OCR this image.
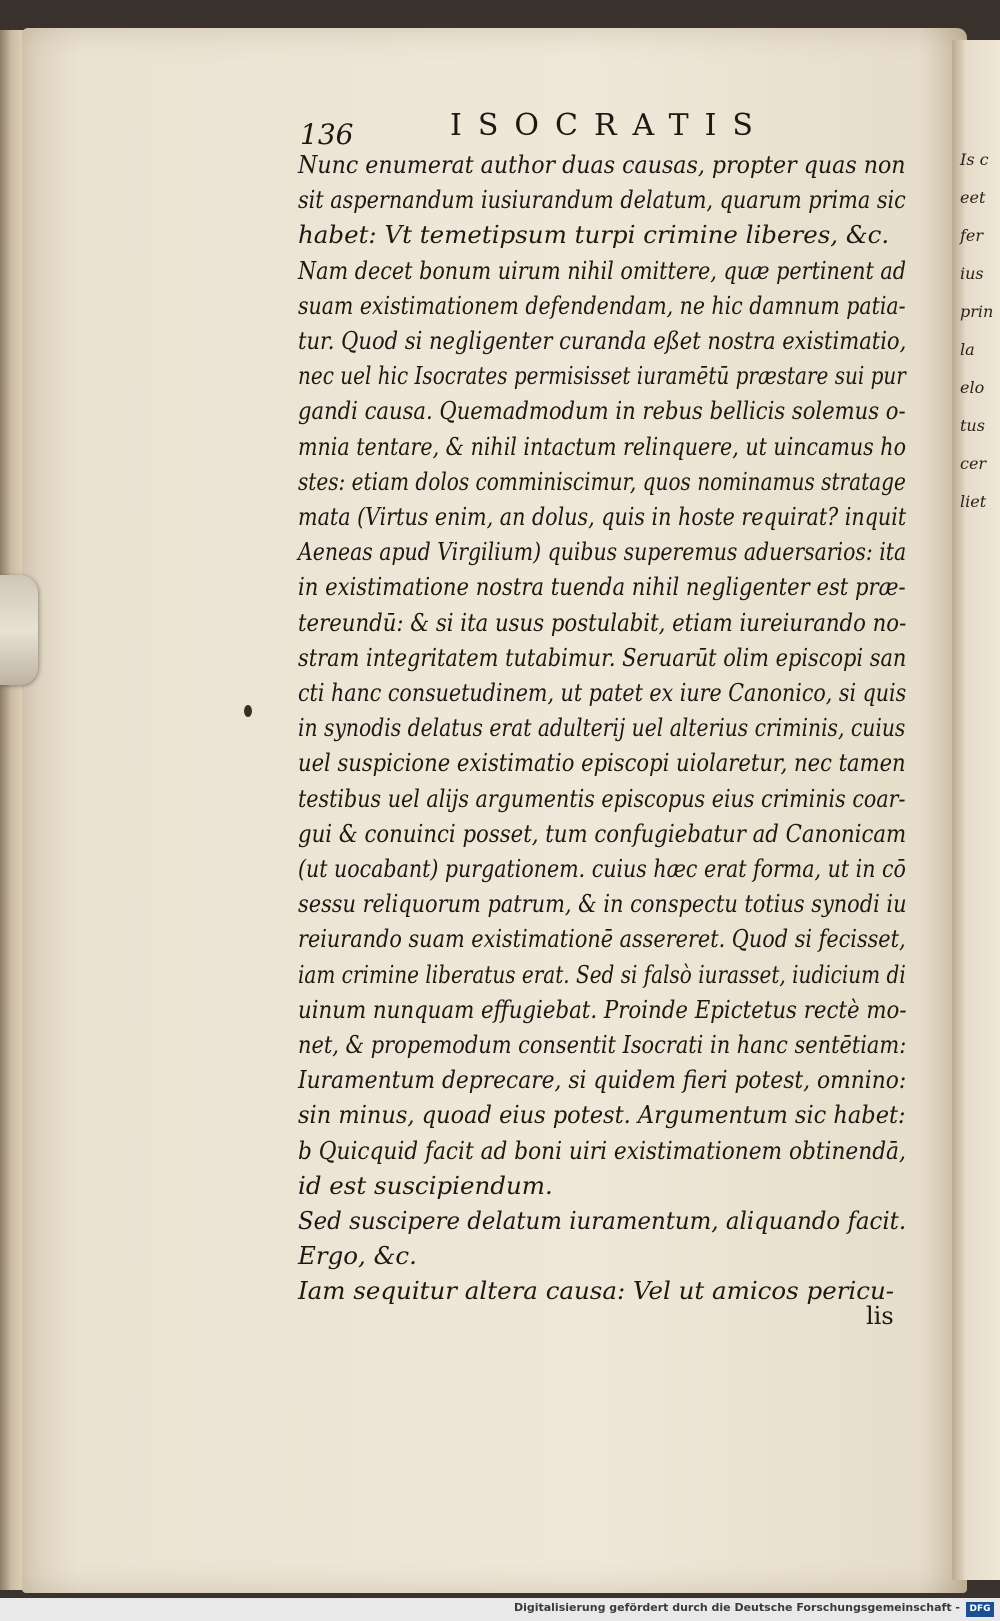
Is c
eet
fer
ius
prin
la
elo
tus
cer
liet
136	ISOCRATIS
Nunc enumerat author duas causas, propter quas non
sit aspernandum iusiurandum delatum, quarum prima sic
habet: Vt temetipsum turpi crimine liberes, &c.
Nam decet bonum uirum nihil omittere, quæ pertinent ad
suam existimationem defendendam, ne hic damnum patia-
tur. Quod si negligenter curanda eßet nostra existimatio,
nec uel hic Isocrates permisisset iuramētū præstare sui pur
gandi causa. Quemadmodum in rebus bellicis solemus o-
mnia tentare, & nihil intactum relinquere, ut uincamus ho
stes: etiam dolos comminiscimur, quos nominamus stratage
mata (Virtus enim, an dolus, quis in hoste requirat? inquit
Aeneas apud Virgilium) quibus superemus aduersarios: ita
in existimatione nostra tuenda nihil negligenter est præ-
tereundū: & si ita usus postulabit, etiam iureiurando no-
stram integritatem tutabimur. Seruarūt olim episcopi san
cti hanc consuetudinem, ut patet ex iure Canonico, si quis
in synodis delatus erat adulterij uel alterius criminis, cuius
uel suspicione existimatio episcopi uiolaretur, nec tamen
testibus uel alijs argumentis episcopus eius criminis coar-
gui & conuinci posset, tum confugiebatur ad Canonicam
(ut uocabant) purgationem. cuius hæc erat forma, ut in cō
sessu reliquorum patrum, & in conspectu totius synodi iu
reiurando suam existimationē assereret. Quod si fecisset,
iam crimine liberatus erat. Sed si falsò iurasset, iudicium di
uinum nunquam effugiebat. Proinde Epictetus rectè mo-
net, & propemodum consentit Isocrati in hanc sentētiam:
Iuramentum deprecare, si quidem fieri potest, omnino:
sin minus, quoad eius potest. Argumentum sic habet:
b Quicquid facit ad boni uiri existimationem obtinendā,
id est suscipiendum.
Sed suscipere delatum iuramentum, aliquando facit.
Ergo, &c.
Iam sequitur altera causa: Vel ut amicos pericu-
lis
Digitalisierung gefördert durch die Deutsche Forschungsgemeinschaft -	DFG
